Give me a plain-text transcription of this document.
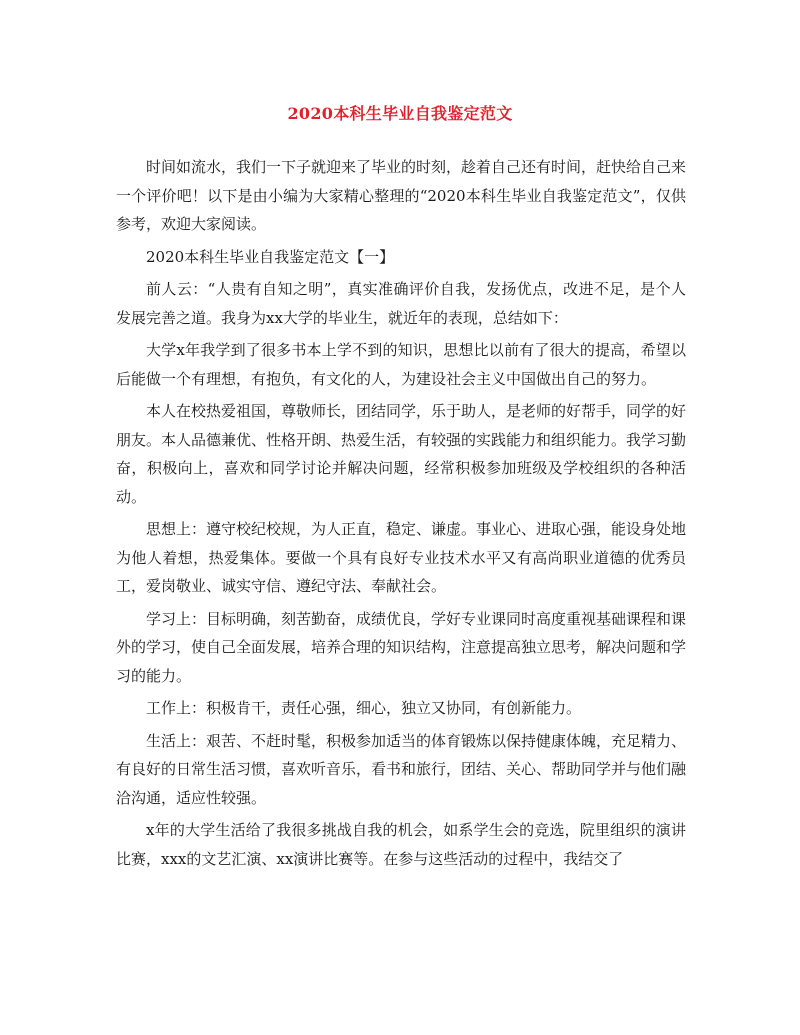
2020本科生毕业自我鉴定范文

时间如流水，我们一下子就迎来了毕业的时刻，趁着自己还有时间，赶快给自己来一个评价吧！以下是由小编为大家精心整理的“2020本科生毕业自我鉴定范文”，仅供参考，欢迎大家阅读。

2020本科生毕业自我鉴定范文【一】

前人云：“人贵有自知之明”，真实准确评价自我，发扬优点，改进不足，是个人发展完善之道。我身为xx大学的毕业生，就近年的表现，总结如下：

大学x年我学到了很多书本上学不到的知识，思想比以前有了很大的提高，希望以后能做一个有理想，有抱负，有文化的人，为建设社会主义中国做出自己的努力。

本人在校热爱祖国，尊敬师长，团结同学，乐于助人，是老师的好帮手，同学的好朋友。本人品德兼优、性格开朗、热爱生活，有较强的实践能力和组织能力。我学习勤奋，积极向上，喜欢和同学讨论并解决问题，经常积极参加班级及学校组织的各种活动。

思想上：遵守校纪校规，为人正直，稳定、谦虚。事业心、进取心强，能设身处地为他人着想，热爱集体。要做一个具有良好专业技术水平又有高尚职业道德的优秀员工，爱岗敬业、诚实守信、遵纪守法、奉献社会。

学习上：目标明确，刻苦勤奋，成绩优良，学好专业课同时高度重视基础课程和课外的学习，使自己全面发展，培养合理的知识结构，注意提高独立思考，解决问题和学习的能力。

工作上：积极肯干，责任心强，细心，独立又协同，有创新能力。

生活上：艰苦、不赶时髦，积极参加适当的体育锻炼以保持健康体魄，充足精力、有良好的日常生活习惯，喜欢听音乐，看书和旅行，团结、关心、帮助同学并与他们融洽沟通，适应性较强。

x年的大学生活给了我很多挑战自我的机会，如系学生会的竞选，院里组织的演讲比赛，xxx的文艺汇演、xx演讲比赛等。在参与这些活动的过程中，我结交了
